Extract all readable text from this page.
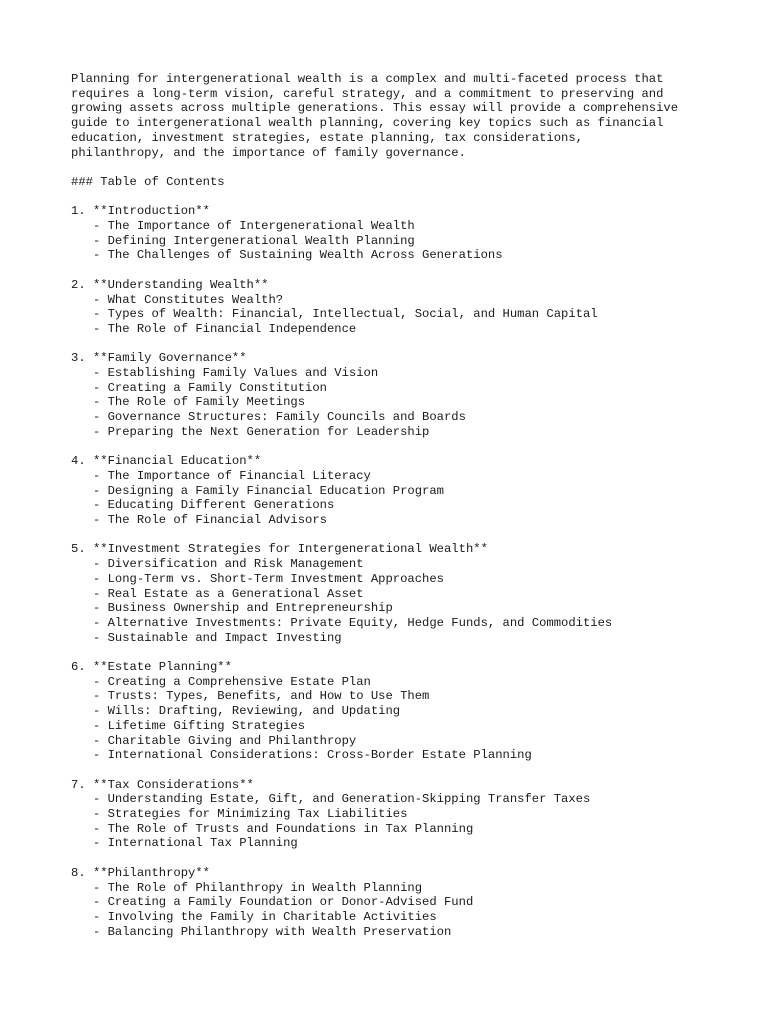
Planning for intergenerational wealth is a complex and multi-faceted process that
requires a long-term vision, careful strategy, and a commitment to preserving and
growing assets across multiple generations. This essay will provide a comprehensive
guide to intergenerational wealth planning, covering key topics such as financial
education, investment strategies, estate planning, tax considerations,
philanthropy, and the importance of family governance.
### Table of Contents
1. **Introduction**
- The Importance of Intergenerational Wealth
- Defining Intergenerational Wealth Planning
- The Challenges of Sustaining Wealth Across Generations
2. **Understanding Wealth**
- What Constitutes Wealth?
- Types of Wealth: Financial, Intellectual, Social, and Human Capital
- The Role of Financial Independence
3. **Family Governance**
- Establishing Family Values and Vision
- Creating a Family Constitution
- The Role of Family Meetings
- Governance Structures: Family Councils and Boards
- Preparing the Next Generation for Leadership
4. **Financial Education**
- The Importance of Financial Literacy
- Designing a Family Financial Education Program
- Educating Different Generations
- The Role of Financial Advisors
5. **Investment Strategies for Intergenerational Wealth**
- Diversification and Risk Management
- Long-Term vs. Short-Term Investment Approaches
- Real Estate as a Generational Asset
- Business Ownership and Entrepreneurship
- Alternative Investments: Private Equity, Hedge Funds, and Commodities
- Sustainable and Impact Investing
6. **Estate Planning**
- Creating a Comprehensive Estate Plan
- Trusts: Types, Benefits, and How to Use Them
- Wills: Drafting, Reviewing, and Updating
- Lifetime Gifting Strategies
- Charitable Giving and Philanthropy
- International Considerations: Cross-Border Estate Planning
7. **Tax Considerations**
- Understanding Estate, Gift, and Generation-Skipping Transfer Taxes
- Strategies for Minimizing Tax Liabilities
- The Role of Trusts and Foundations in Tax Planning
- International Tax Planning
8. **Philanthropy**
- The Role of Philanthropy in Wealth Planning
- Creating a Family Foundation or Donor-Advised Fund
- Involving the Family in Charitable Activities
- Balancing Philanthropy with Wealth Preservation
